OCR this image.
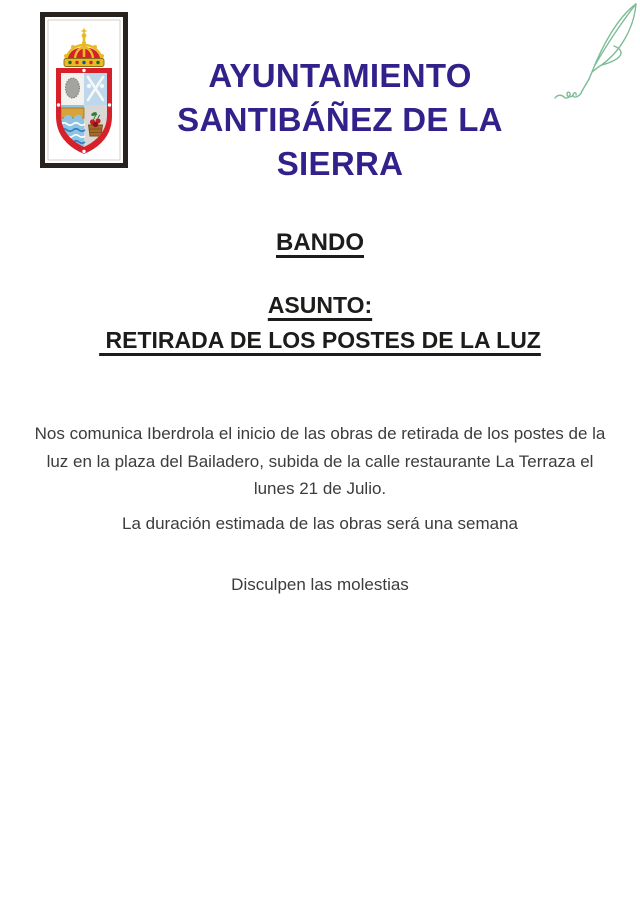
AYUNTAMIENTO
SANTIBÁÑEZ DE LA SIERRA
BANDO
ASUNTO:
RETIRADA DE LOS POSTES DE LA LUZ

Nos comunica Iberdrola el inicio de las obras de retirada de los postes de la luz en la plaza del Bailadero, subida de la calle restaurante La Terraza el lunes 21 de Julio.

La duración estimada de las obras será una semana

Disculpen las molestias
